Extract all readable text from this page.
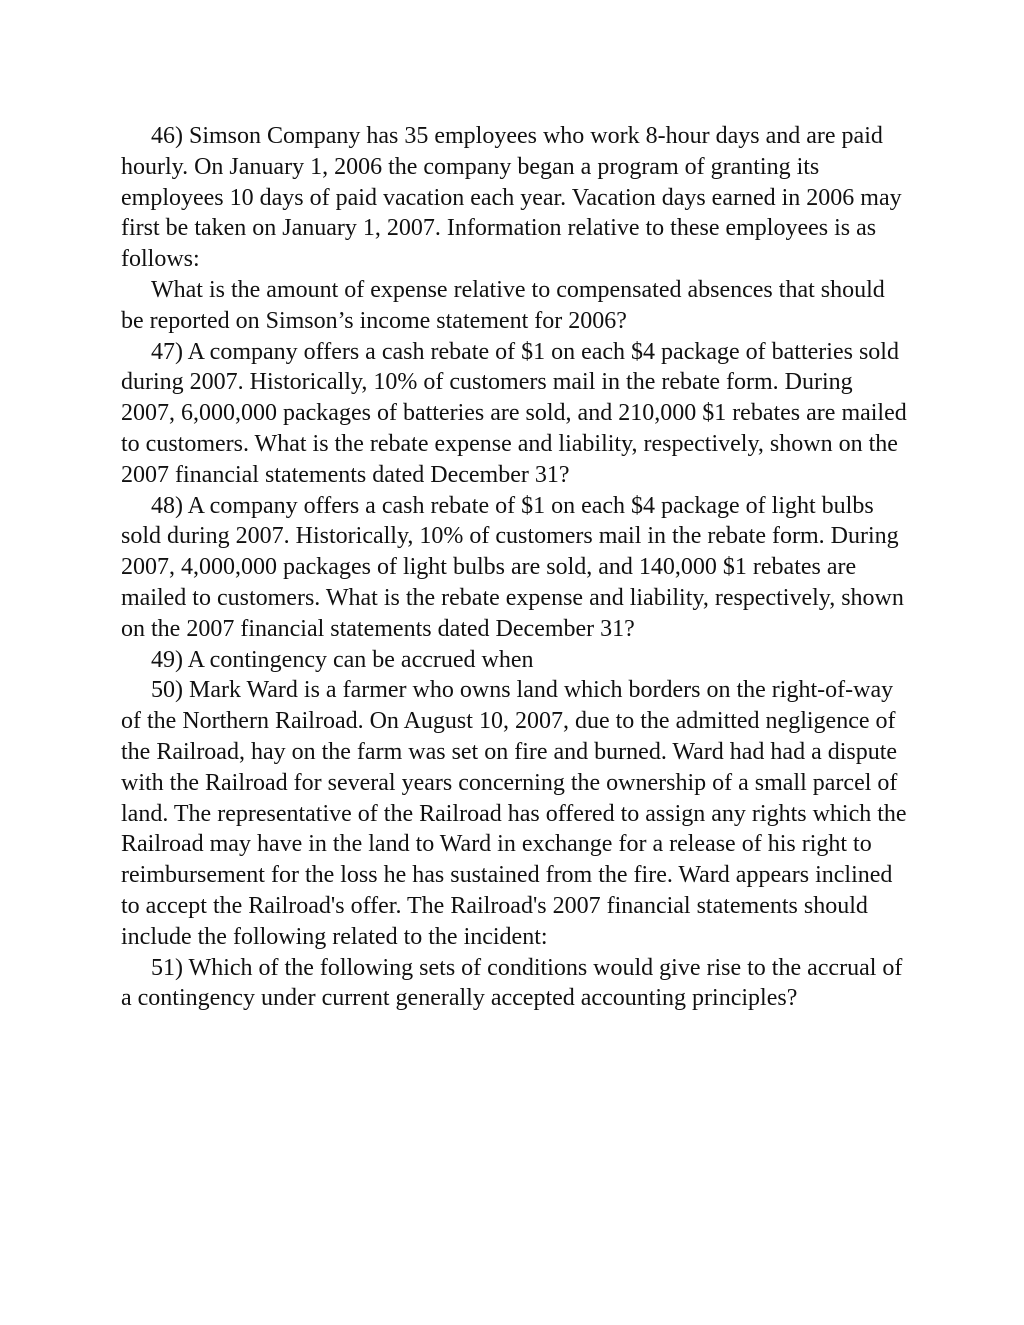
46) Simson Company has 35 employees who work 8-hour days and are paid hourly. On January 1, 2006 the company began a program of granting its employees 10 days of paid vacation each year. Vacation days earned in 2006 may first be taken on January 1, 2007. Information relative to these employees is as follows:

What is the amount of expense relative to compensated absences that should be reported on Simson’s income statement for 2006?

47) A company offers a cash rebate of $1 on each $4 package of batteries sold during 2007. Historically, 10% of customers mail in the rebate form. During 2007, 6,000,000 packages of batteries are sold, and 210,000 $1 rebates are mailed to customers. What is the rebate expense and liability, respectively, shown on the 2007 financial statements dated December 31?

48) A company offers a cash rebate of $1 on each $4 package of light bulbs sold during 2007. Historically, 10% of customers mail in the rebate form. During 2007, 4,000,000 packages of light bulbs are sold, and 140,000 $1 rebates are mailed to customers. What is the rebate expense and liability, respectively, shown on the 2007 financial statements dated December 31?

49) A contingency can be accrued when

50) Mark Ward is a farmer who owns land which borders on the right-of-way of the Northern Railroad. On August 10, 2007, due to the admitted negligence of the Railroad, hay on the farm was set on fire and burned. Ward had had a dispute with the Railroad for several years concerning the ownership of a small parcel of land. The representative of the Railroad has offered to assign any rights which the Railroad may have in the land to Ward in exchange for a release of his right to reimbursement for the loss he has sustained from the fire. Ward appears inclined to accept the Railroad's offer. The Railroad's 2007 financial statements should include the following related to the incident:

51) Which of the following sets of conditions would give rise to the accrual of a contingency under current generally accepted accounting principles?
